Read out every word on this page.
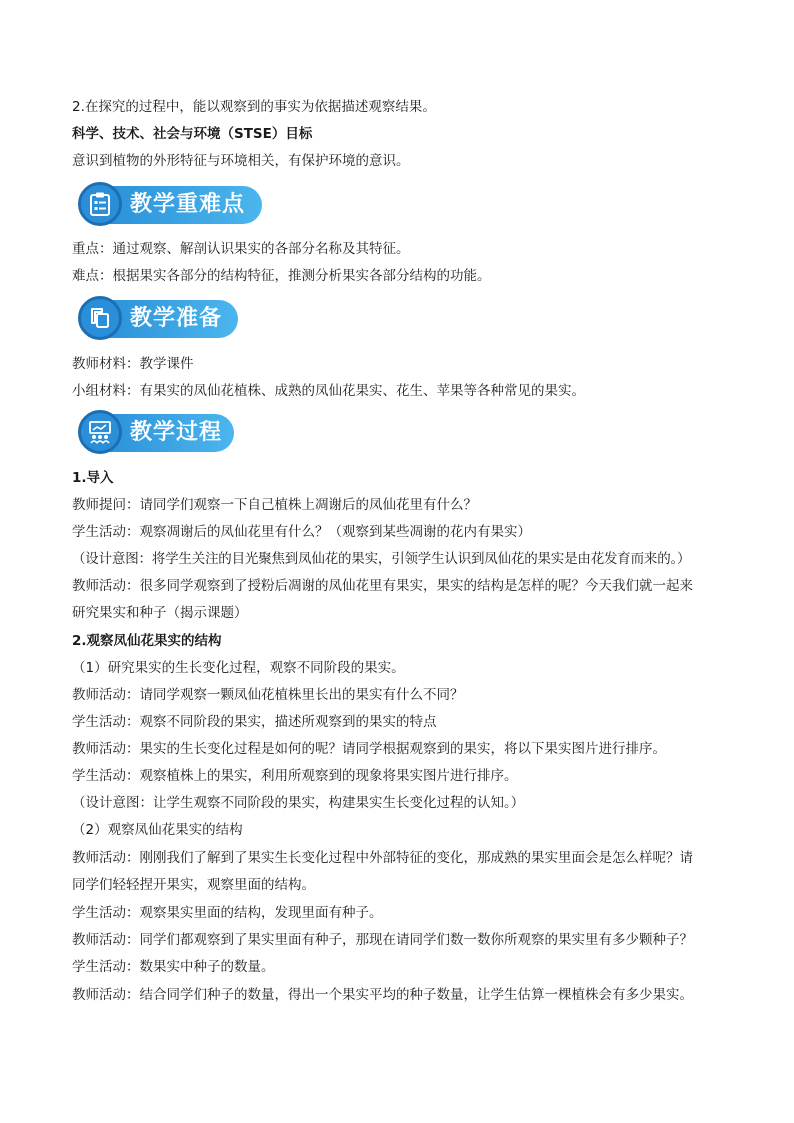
2.在探究的过程中，能以观察到的事实为依据描述观察结果。
科学、技术、社会与环境（STSE）目标
意识到植物的外形特征与环境相关，有保护环境的意识。
教学重难点
重点：通过观察、解剖认识果实的各部分名称及其特征。
难点：根据果实各部分的结构特征，推测分析果实各部分结构的功能。
教学准备
教师材料：教学课件
小组材料：有果实的凤仙花植株、成熟的凤仙花果实、花生、苹果等各种常见的果实。
教学过程
1.导入
教师提问：请同学们观察一下自己植株上凋谢后的凤仙花里有什么？
学生活动：观察凋谢后的凤仙花里有什么？（观察到某些凋谢的花内有果实）
（设计意图：将学生关注的目光聚焦到凤仙花的果实，引领学生认识到凤仙花的果实是由花发育而来的。）
教师活动：很多同学观察到了授粉后凋谢的凤仙花里有果实，果实的结构是怎样的呢？今天我们就一起来
研究果实和种子（揭示课题）
2.观察凤仙花果实的结构
（1）研究果实的生长变化过程，观察不同阶段的果实。
教师活动：请同学观察一颗凤仙花植株里长出的果实有什么不同？
学生活动：观察不同阶段的果实，描述所观察到的果实的特点
教师活动：果实的生长变化过程是如何的呢？请同学根据观察到的果实，将以下果实图片进行排序。
学生活动：观察植株上的果实，利用所观察到的现象将果实图片进行排序。
（设计意图：让学生观察不同阶段的果实，构建果实生长变化过程的认知。）
（2）观察凤仙花果实的结构
教师活动：刚刚我们了解到了果实生长变化过程中外部特征的变化，那成熟的果实里面会是怎么样呢？请
同学们轻轻捏开果实，观察里面的结构。
学生活动：观察果实里面的结构，发现里面有种子。
教师活动：同学们都观察到了果实里面有种子，那现在请同学们数一数你所观察的果实里有多少颗种子？
学生活动：数果实中种子的数量。
教师活动：结合同学们种子的数量，得出一个果实平均的种子数量，让学生估算一棵植株会有多少果实。
